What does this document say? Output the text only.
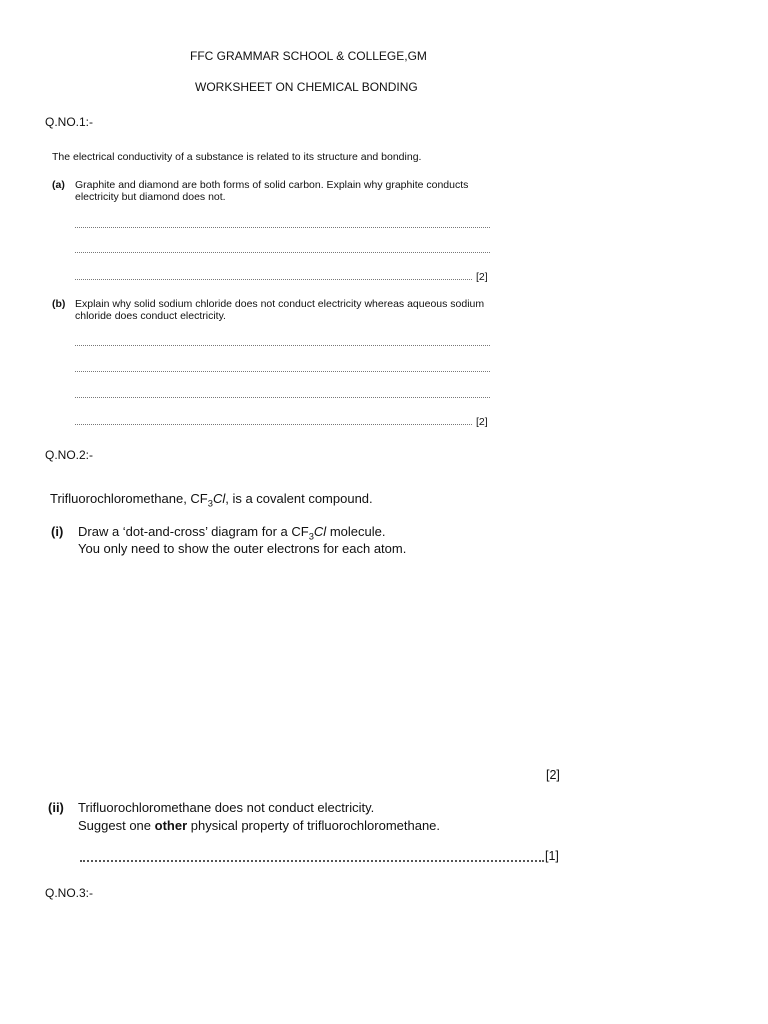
FFC GRAMMAR SCHOOL & COLLEGE,GM
WORKSHEET ON CHEMICAL BONDING
Q.NO.1:-
The electrical conductivity of a substance is related to its structure and bonding.
(a) Graphite and diamond are both forms of solid carbon. Explain why graphite conducts
electricity but diamond does not.
[2]
(b) Explain why solid sodium chloride does not conduct electricity whereas aqueous sodium
chloride does conduct electricity.
[2]
Q.NO.2:-
Trifluorochloromethane, $CF_3Cl$, is a covalent compound.
(i) Draw a ‘dot-and-cross’ diagram for a $CF_3Cl$ molecule.
You only need to show the outer electrons for each atom.
[2]
(ii) Trifluorochloromethane does not conduct electricity.
Suggest one other physical property of trifluorochloromethane.
[1]
Q.NO.3:-
